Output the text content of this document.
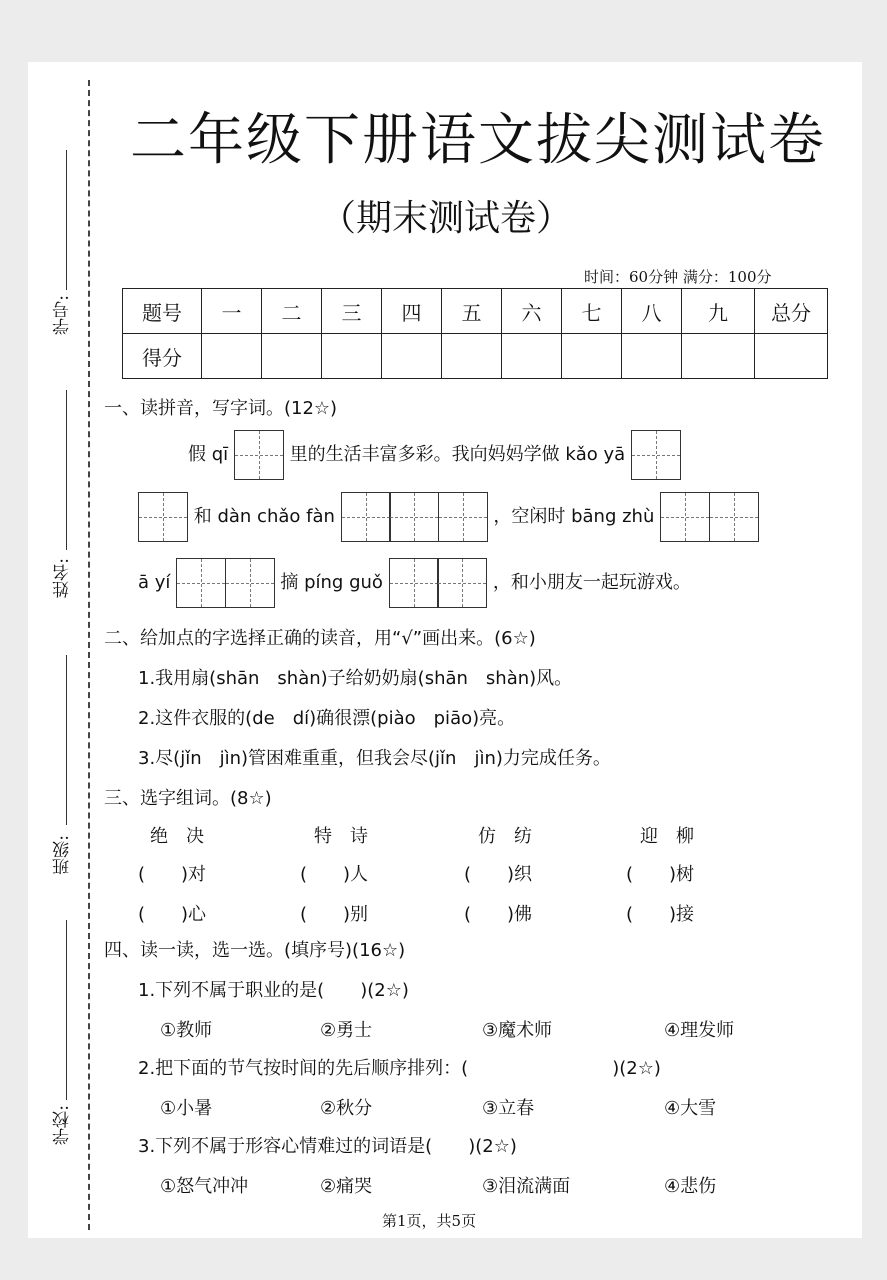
学号:
姓名:
班级:
学校:
二年级下册语文拔尖测试卷
（期末测试卷）
时间：60分钟 满分：100分
题号	一	二	三	四	五	六	七	八	九	总分
得分										
一、读拼音，写字词。(12☆)
假 qī	里的生活丰富多彩。我向妈妈学做 kǎo yā
和 dàn chǎo fàn	，空闲时 bāng zhù
ā yí	摘 píng guǒ	，和小朋友一起玩游戏。
二、给加点的字选择正确的读音，用“√”画出来。(6☆)
1.我用扇(shān　shàn)子给奶奶扇(shān　shàn)风。
2.这件衣服的(de　dí)确很漂(piào　piāo)亮。
3.尽(jǐn　jìn)管困难重重，但我会尽(jǐn　jìn)力完成任务。
三、选字组词。(8☆)
绝　决	特　诗	仿　纺	迎　柳
(　　)对	(　　)人	(　　)织	(　　)树
(　　)心	(　　)别	(　　)佛	(　　)接
四、读一读，选一选。(填序号)(16☆)
1.下列不属于职业的是(　　)(2☆)
①教师	②勇士	③魔术师	④理发师
2.把下面的节气按时间的先后顺序排列：(　　　　　　　　)(2☆)
①小暑	②秋分	③立春	④大雪
3.下列不属于形容心情难过的词语是(　　)(2☆)
①怒气冲冲	②痛哭	③泪流满面	④悲伤
第1页，共5页
